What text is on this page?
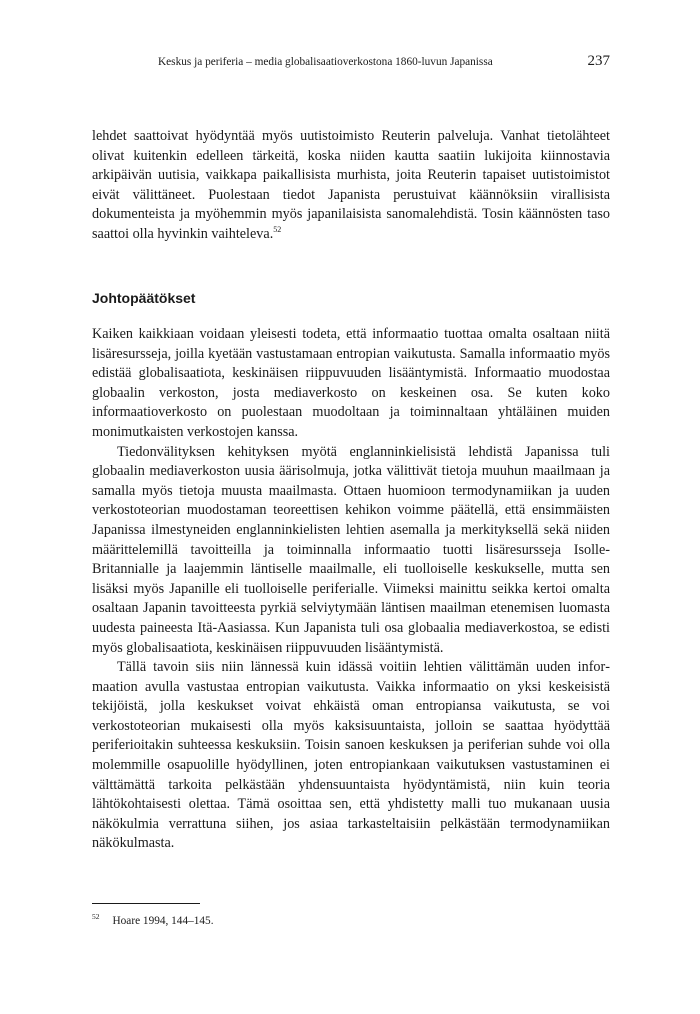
Keskus ja periferia – media globalisaatioverkostona 1860-luvun Japanissa	237

lehdet saattoivat hyödyntää myös uutistoimisto Reuterin palveluja. Vanhat tietolähteet olivat kuitenkin edelleen tärkeitä, koska niiden kautta saatiin lukijoita kiinnostavia arkipäivän uutisia, vaikkapa paikallisista murhista, joita Reuterin tapaiset uutistoimistot eivät välittäneet. Puolestaan tiedot Japanista perustuivat käännöksiin virallisista dokumenteista ja myöhemmin myös japanilaisista sanomalehdistä. Tosin käännösten taso saattoi olla hyvinkin vaihteleva.$^{52}$

Johtopäätökset

Kaiken kaikkiaan voidaan yleisesti todeta, että informaatio tuottaa omalta osaltaan niitä lisäresursseja, joilla kyetään vastustamaan entropian vaikutusta. Samalla informaatio myös edistää globalisaatiota, keskinäisen riippuvuuden lisääntymistä. Informaatio muodostaa globaalin verkoston, josta mediaverkosto on keskeinen osa. Se kuten koko informaatioverkosto on puolestaan muodoltaan ja toiminnaltaan yhtäläinen muiden monimutkaisten verkostojen kanssa.

Tiedonvälityksen kehityksen myötä englanninkielisistä lehdistä Japanissa tuli globaalin mediaverkoston uusia äärisolmuja, jotka välittivät tietoja muuhun maailmaan ja samalla myös tietoja muusta maailmasta. Ottaen huomioon termodynamiikan ja uuden verkostoteorian muodostaman teoreettisen kehikon voimme päätellä, että ensimmäisten Japanissa ilmestyneiden englanninkielisten lehtien asemalla ja merkityksellä sekä niiden määrittelemillä tavoitteilla ja toiminnalla informaatio tuotti lisäresursseja Isolle-Britannialle ja laajemmin läntiselle maailmalle, eli tuolloiselle keskukselle, mutta sen lisäksi myös Japanille eli tuolloiselle periferialle. Viimeksi mainittu seikka kertoi omalta osaltaan Japanin tavoitteesta pyrkiä selviytymään läntisen maailman etenemisen luomasta uudesta paineesta Itä-Aasiassa. Kun Japanista tuli osa globaalia mediaverkostoa, se edisti myös globalisaatiota, keskinäisen riippuvuuden lisääntymistä.

Tällä tavoin siis niin lännessä kuin idässä voitiin lehtien välittämän uuden informaation avulla vastustaa entropian vaikutusta. Vaikka informaatio on yksi keskeisistä tekijöistä, jolla keskukset voivat ehkäistä oman entropiansa vaikutusta, se voi verkostoteorian mukaisesti olla myös kaksisuuntaista, jolloin se saattaa hyödyttää periferioitakin suhteessa keskuksiin. Toisin sanoen keskuksen ja periferian suhde voi olla molemmille osapuolille hyödyllinen, joten entropiankaan vaikutuksen vastustaminen ei välttämättä tarkoita pelkästään yhdensuuntaista hyödyntämistä, niin kuin teoria lähtökohtaisesti olettaa. Tämä osoittaa sen, että yhdistetty malli tuo mukanaan uusia näkökulmia verrattuna siihen, jos asiaa tarkasteltaisiin pelkästään termodynamiikan näkökulmasta.

$^{52}$ Hoare 1994, 144–145.
